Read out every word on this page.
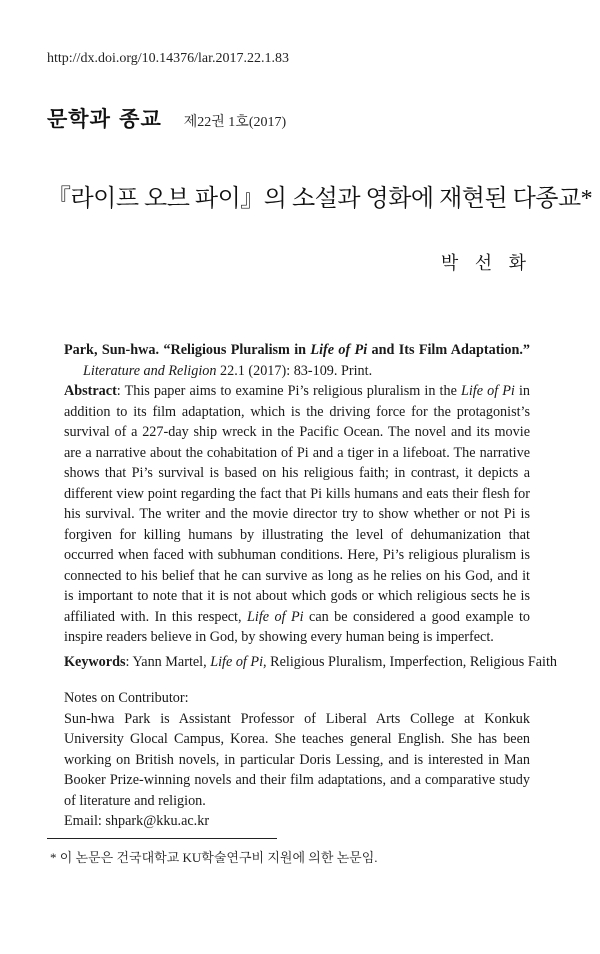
http://dx.doi.org/10.14376/lar.2017.22.1.83
문학과 종교 제22권 1호(2017)
『라이프 오브 파이』의 소설과 영화에 재현된 다종교*
박 선 화
Park, Sun-hwa. “Religious Pluralism in Life of Pi and Its Film Adaptation.”
Literature and Religion 22.1 (2017): 83-109. Print.
Abstract: This paper aims to examine Pi’s religious pluralism in the Life of Pi in addition to its film adaptation, which is the driving force for the protagonist’s survival of a 227-day ship wreck in the Pacific Ocean. The novel and its movie are a narrative about the cohabitation of Pi and a tiger in a lifeboat. The narrative shows that Pi’s survival is based on his religious faith; in contrast, it depicts a different view point regarding the fact that Pi kills humans and eats their flesh for his survival. The writer and the movie director try to show whether or not Pi is forgiven for killing humans by illustrating the level of dehumanization that occurred when faced with subhuman conditions. Here, Pi’s religious pluralism is connected to his belief that he can survive as long as he relies on his God, and it is important to note that it is not about which gods or which religious sects he is affiliated with. In this respect, Life of Pi can be considered a good example to inspire readers believe in God, by showing every human being is imperfect.
Keywords: Yann Martel, Life of Pi, Religious Pluralism, Imperfection, Religious Faith
Notes on Contributor:
Sun-hwa Park is Assistant Professor of Liberal Arts College at Konkuk University Glocal Campus, Korea. She teaches general English. She has been working on British novels, in particular Doris Lessing, and is interested in Man Booker Prize-winning novels and their film adaptations, and a comparative study of literature and religion.
Email: shpark@kku.ac.kr
* 이 논문은 건국대학교 KU학술연구비 지원에 의한 논문임.
